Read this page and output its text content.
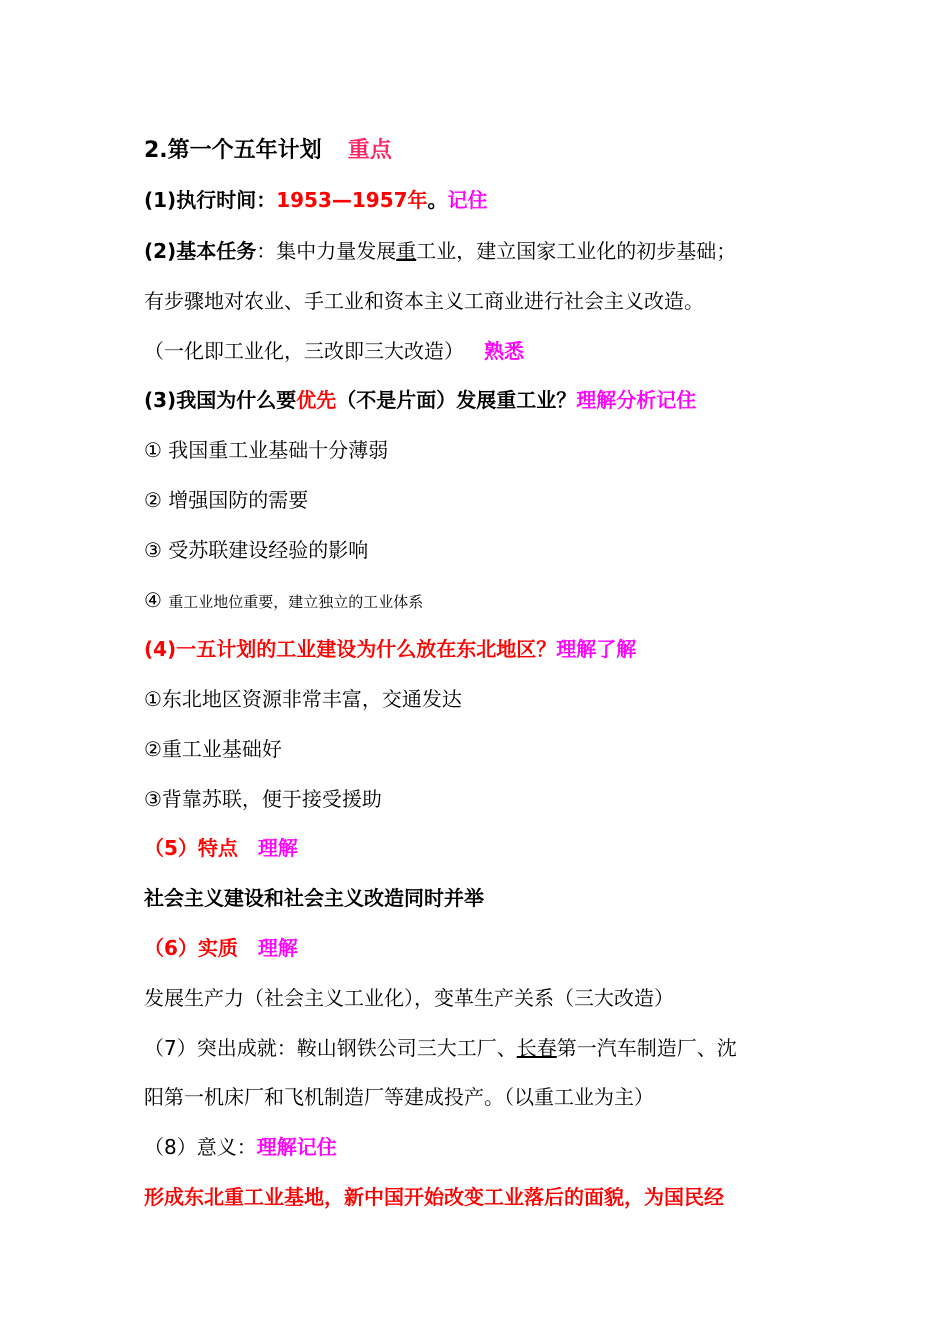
2.第一个五年计划 重点
(1)执行时间：1953—1957年。记住
(2)基本任务：集中力量发展重工业，建立国家工业化的初步基础；
有步骤地对农业、手工业和资本主义工商业进行社会主义改造。
（一化即工业化，三改即三大改造） 熟悉
(3)我国为什么要优先（不是片面）发展重工业？理解分析记住
① 我国重工业基础十分薄弱
② 增强国防的需要
③ 受苏联建设经验的影响
④ 重工业地位重要，建立独立的工业体系
(4)一五计划的工业建设为什么放在东北地区？理解了解
①东北地区资源非常丰富，交通发达
②重工业基础好
③背靠苏联，便于接受援助
（5）特点 理解
社会主义建设和社会主义改造同时并举
（6）实质 理解
发展生产力（社会主义工业化），变革生产关系（三大改造）
（7）突出成就：鞍山钢铁公司三大工厂、长春第一汽车制造厂、沈
阳第一机床厂和飞机制造厂等建成投产。（以重工业为主）
（8）意义：理解记住
形成东北重工业基地，新中国开始改变工业落后的面貌，为国民经
